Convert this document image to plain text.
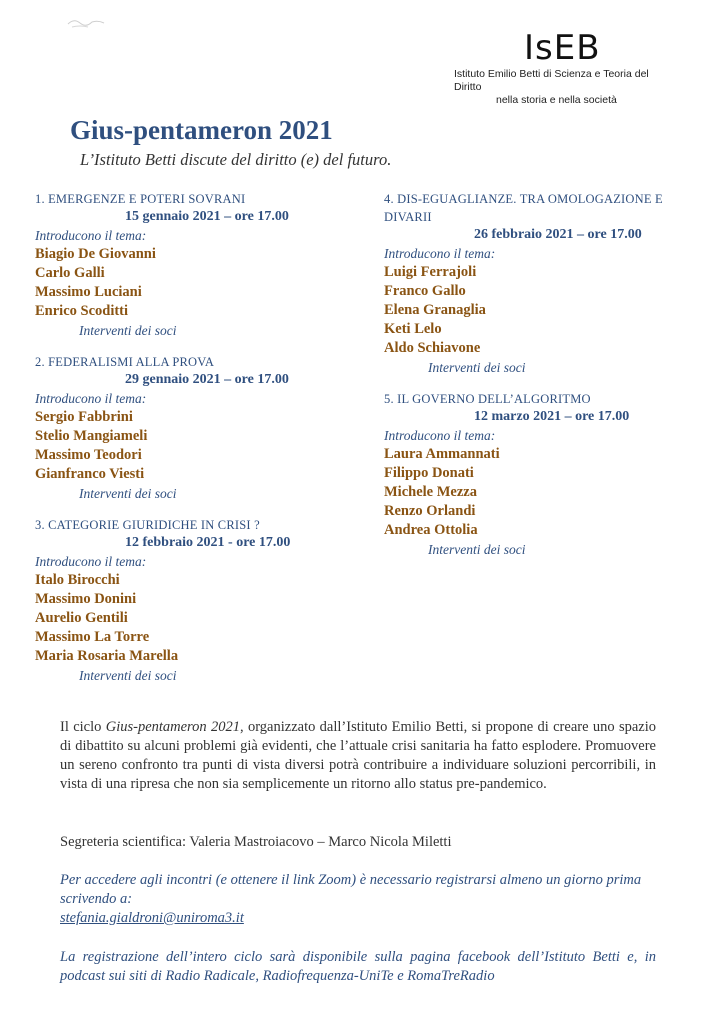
IsEB
Istituto Emilio Betti di Scienza e Teoria del Diritto
nella storia e nella società
Gius-pentameron 2021
L’Istituto Betti discute del diritto (e) del futuro.
1. EMERGENZE E POTERI SOVRANI
15 gennaio 2021 – ore 17.00
Introducono il tema:
Biagio De Giovanni
Carlo Galli
Massimo Luciani
Enrico Scoditti
Interventi dei soci
2. FEDERALISMI ALLA PROVA
29 gennaio 2021 – ore 17.00
Introducono il tema:
Sergio Fabbrini
Stelio Mangiameli
Massimo Teodori
Gianfranco Viesti
Interventi dei soci
3. CATEGORIE GIURIDICHE IN CRISI ?
12 febbraio 2021 - ore 17.00
Introducono il tema:
Italo Birocchi
Massimo Donini
Aurelio Gentili
Massimo La Torre
Maria Rosaria Marella
Interventi dei soci
4. DIS-EGUAGLIANZE. TRA OMOLOGAZIONE E DIVARII
26 febbraio 2021 – ore 17.00
Introducono il tema:
Luigi Ferrajoli
Franco Gallo
Elena Granaglia
Keti Lelo
Aldo Schiavone
Interventi dei soci
5. IL GOVERNO DELL’ALGORITMO
12 marzo 2021 – ore 17.00
Introducono il tema:
Laura Ammannati
Filippo Donati
Michele Mezza
Renzo Orlandi
Andrea Ottolia
Interventi dei soci
Il ciclo Gius-pentameron 2021, organizzato dall’Istituto Emilio Betti, si propone di creare uno spazio di dibattito su alcuni problemi già evidenti, che l’attuale crisi sanitaria ha fatto esplodere. Promuovere un sereno confronto tra punti di vista diversi potrà contribuire a individuare soluzioni percorribili, in vista di una ripresa che non sia semplicemente un ritorno allo status pre-pandemico.
Segreteria scientifica: Valeria Mastroiacovo – Marco Nicola Miletti
Per accedere agli incontri (e ottenere il link Zoom) è necessario registrarsi almeno un giorno prima scrivendo a:
stefania.gialdroni@uniroma3.it
La registrazione dell’intero ciclo sarà disponibile sulla pagina facebook dell’Istituto Betti e, in podcast sui siti di Radio Radicale, Radiofrequenza-UniTe e RomaTreRadio
